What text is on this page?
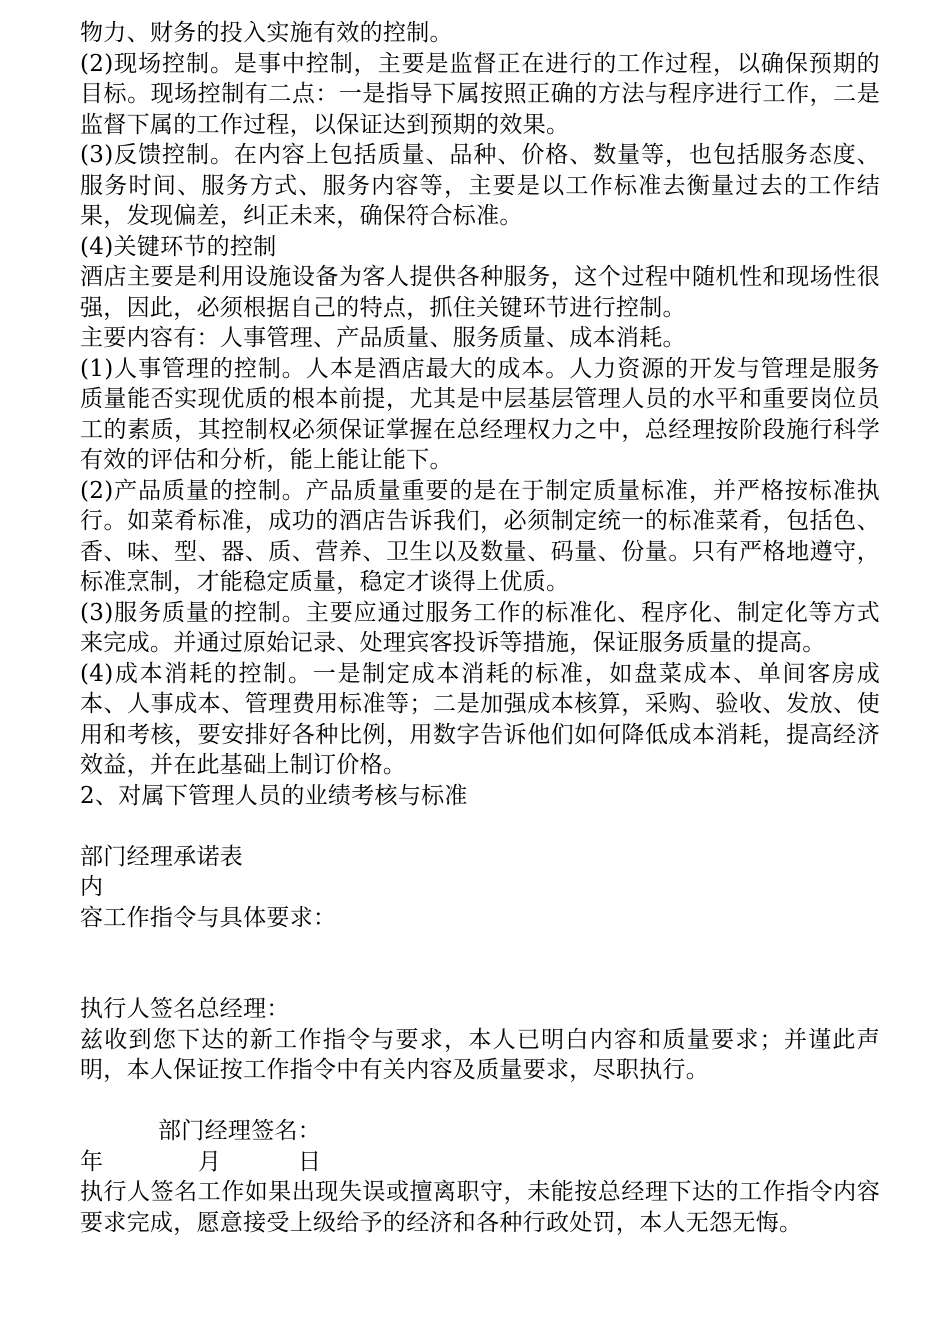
物力、财务的投入实施有效的控制。

(2)现场控制。是事中控制，主要是监督正在进行的工作过程，以确保预期的目标。现场控制有二点：一是指导下属按照正确的方法与程序进行工作，二是监督下属的工作过程，以保证达到预期的效果。

(3)反馈控制。在内容上包括质量、品种、价格、数量等，也包括服务态度、服务时间、服务方式、服务内容等，主要是以工作标准去衡量过去的工作结果，发现偏差，纠正未来，确保符合标准。

(4)关键环节的控制

酒店主要是利用设施设备为客人提供各种服务，这个过程中随机性和现场性很强，因此，必须根据自己的特点，抓住关键环节进行控制。

主要内容有：人事管理、产品质量、服务质量、成本消耗。

(1)人事管理的控制。人本是酒店最大的成本。人力资源的开发与管理是服务质量能否实现优质的根本前提，尤其是中层基层管理人员的水平和重要岗位员工的素质，其控制权必须保证掌握在总经理权力之中，总经理按阶段施行科学有效的评估和分析，能上能让能下。

(2)产品质量的控制。产品质量重要的是在于制定质量标准，并严格按标准执行。如菜肴标准，成功的酒店告诉我们，必须制定统一的标准菜肴，包括色、香、味、型、器、质、营养、卫生以及数量、码量、份量。只有严格地遵守，标准烹制，才能稳定质量，稳定才谈得上优质。

(3)服务质量的控制。主要应通过服务工作的标准化、程序化、制定化等方式来完成。并通过原始记录、处理宾客投诉等措施，保证服务质量的提高。

(4)成本消耗的控制。一是制定成本消耗的标准，如盘菜成本、单间客房成本、人事成本、管理费用标准等；二是加强成本核算，采购、验收、发放、使用和考核，要安排好各种比例，用数字告诉他们如何降低成本消耗，提高经济效益，并在此基础上制订价格。

2、对属下管理人员的业绩考核与标准

部门经理承诺表

内

容工作指令与具体要求：

执行人签名总经理：

兹收到您下达的新工作指令与要求，本人已明白内容和质量要求；并谨此声明，本人保证按工作指令中有关内容及质量要求，尽职执行。

部门经理签名：

年	月	日

执行人签名工作如果出现失误或擅离职守，未能按总经理下达的工作指令内容要求完成，愿意接受上级给予的经济和各种行政处罚，本人无怨无悔。
